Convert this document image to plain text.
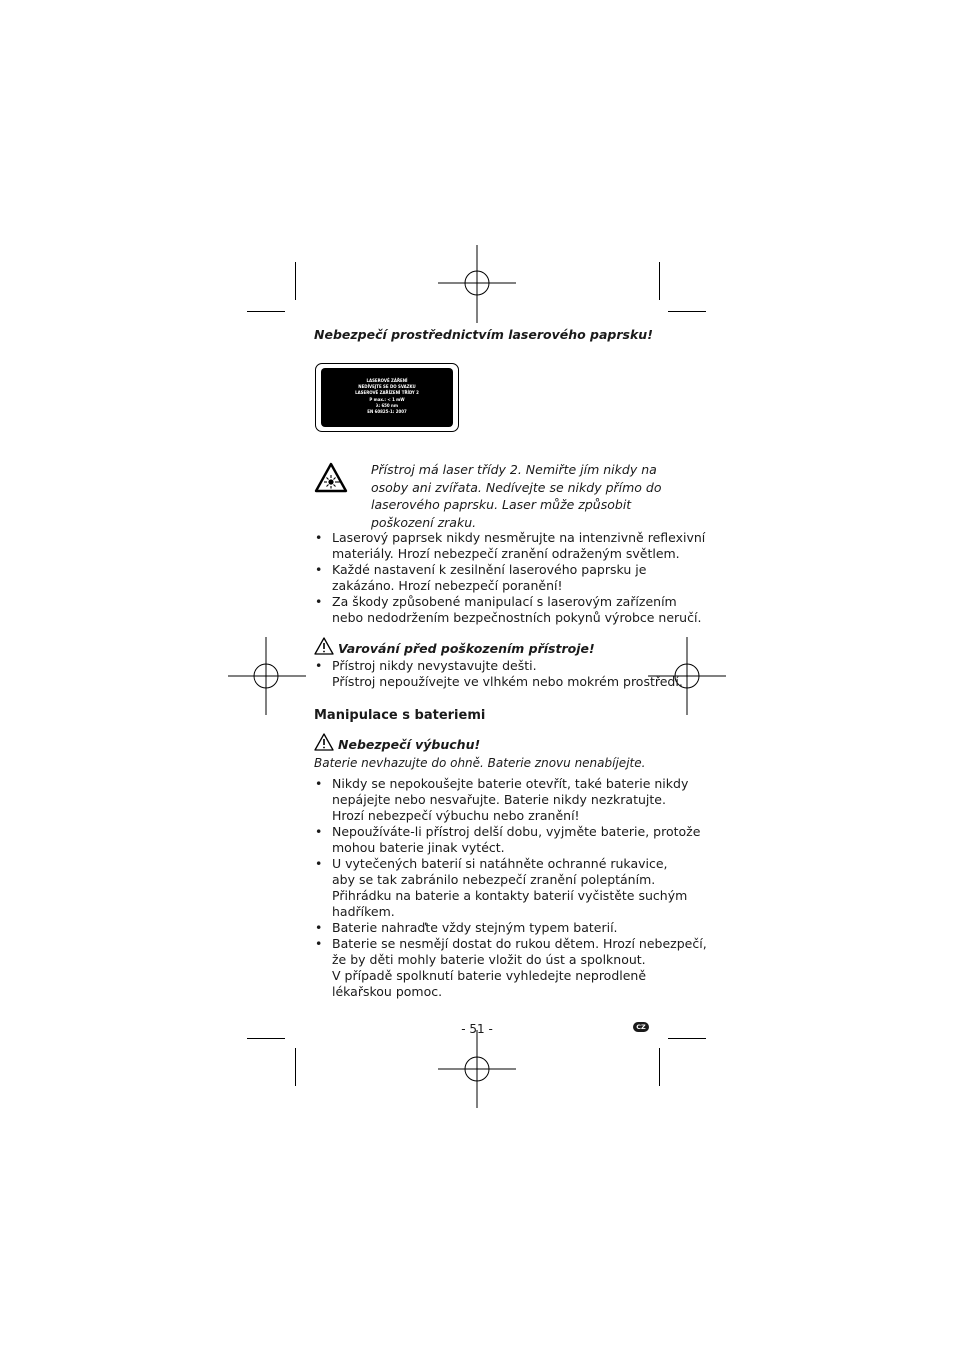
Nebezpečí prostřednictvím laserového paprsku!
LASEROVÉ ZÁŘENÍ
NEDÍVEJTE SE DO SVAZKU
LASEROVÉ ZAŘÍZENÍ TŘÍDY 2
P max.: < 1 mW
λ: 650 nm
EN 60825-1: 2007
Přístroj má laser třídy 2. Nemiřte jím nikdy na
osoby ani zvířata. Nedívejte se nikdy přímo do
laserového paprsku. Laser může způsobit
poškození zraku.
• Laserový paprsek nikdy nesměrujte na intenzivně reflexivní
materiály. Hrozí nebezpečí zranění odraženým světlem.
• Každé nastavení k zesilnění laserového paprsku je
zakázáno. Hrozí nebezpečí poranění!
• Za škody způsobené manipulací s laserovým zařízením
nebo nedodržením bezpečnostních pokynů výrobce neručí.
Varování před poškozením přístroje!
• Přístroj nikdy nevystavujte dešti.
Přístroj nepoužívejte ve vlhkém nebo mokrém prostředí.
Manipulace s bateriemi
Nebezpečí výbuchu!
Baterie nevhazujte do ohně. Baterie znovu nenabíjejte.
• Nikdy se nepokoušejte baterie otevřít, také baterie nikdy
nepájejte nebo nesvařujte. Baterie nikdy nezkratujte.
Hrozí nebezpečí výbuchu nebo zranění!
• Nepoužíváte-li přístroj delší dobu, vyjměte baterie, protože
mohou baterie jinak vytéct.
• U vytečených baterií si natáhněte ochranné rukavice,
aby se tak zabránilo nebezpečí zranění poleptáním.
Přihrádku na baterie a kontakty baterií vyčistěte suchým
hadříkem.
• Baterie nahraďte vždy stejným typem baterií.
• Baterie se nesmějí dostat do rukou dětem. Hrozí nebezpečí,
že by děti mohly baterie vložit do úst a spolknout.
V případě spolknutí baterie vyhledejte neprodleně
lékařskou pomoc.
- 51 -	CZ
